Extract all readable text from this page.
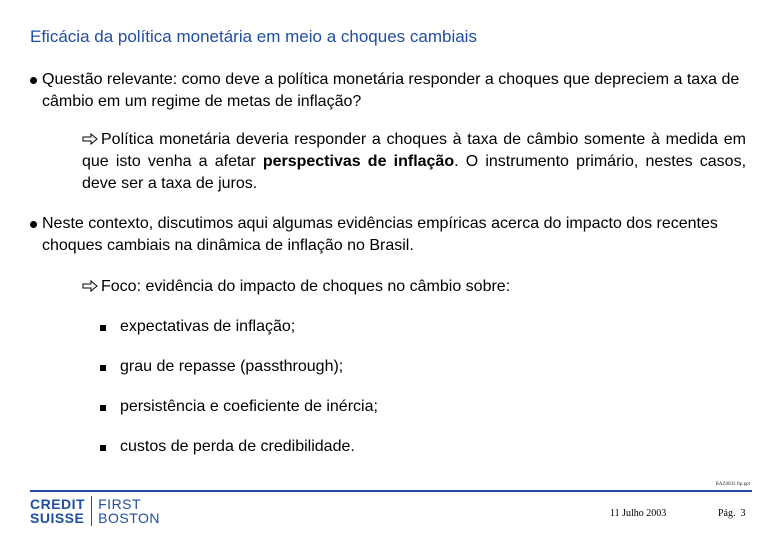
Eficácia da política monetária em meio a choques cambiais
Questão relevante: como deve a política monetária responder a choques que depreciem a taxa de câmbio em um regime de metas de inflação?
Política monetária deveria responder a choques à taxa de câmbio somente à medida em que isto venha a afetar perspectivas de inflação. O instrumento primário, nestes casos, deve ser a taxa de juros.
Neste contexto, discutimos aqui algumas evidências empíricas acerca do impacto dos recentes choques cambiais na dinâmica de inflação no Brasil.
Foco: evidência do impacto de choques no câmbio sobre:
expectativas de inflação;
grau de repasse (passthrough);
persistência e coeficiente de inércia;
custos de perda de credibilidade.
BAZ0043 ftp.ppt
CREDIT
SUISSE
FIRST
BOSTON	11 Julho 2003	Pág. 3
